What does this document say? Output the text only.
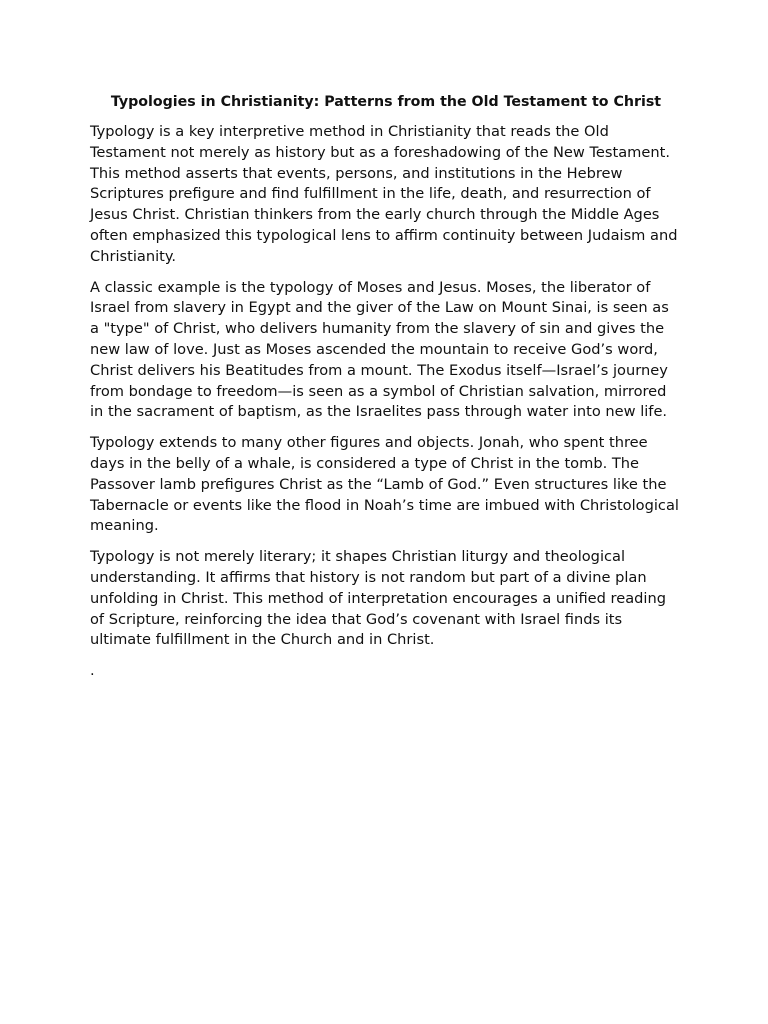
Typologies in Christianity: Patterns from the Old Testament to Christ

Typology is a key interpretive method in Christianity that reads the Old Testament not merely as history but as a foreshadowing of the New Testament. This method asserts that events, persons, and institutions in the Hebrew Scriptures prefigure and find fulfillment in the life, death, and resurrection of Jesus Christ. Christian thinkers from the early church through the Middle Ages often emphasized this typological lens to affirm continuity between Judaism and Christianity.

A classic example is the typology of Moses and Jesus. Moses, the liberator of Israel from slavery in Egypt and the giver of the Law on Mount Sinai, is seen as a "type" of Christ, who delivers humanity from the slavery of sin and gives the new law of love. Just as Moses ascended the mountain to receive God’s word, Christ delivers his Beatitudes from a mount. The Exodus itself—Israel’s journey from bondage to freedom—is seen as a symbol of Christian salvation, mirrored in the sacrament of baptism, as the Israelites pass through water into new life.

Typology extends to many other figures and objects. Jonah, who spent three days in the belly of a whale, is considered a type of Christ in the tomb. The Passover lamb prefigures Christ as the “Lamb of God.” Even structures like the Tabernacle or events like the flood in Noah’s time are imbued with Christological meaning.

Typology is not merely literary; it shapes Christian liturgy and theological understanding. It affirms that history is not random but part of a divine plan unfolding in Christ. This method of interpretation encourages a unified reading of Scripture, reinforcing the idea that God’s covenant with Israel finds its ultimate fulfillment in the Church and in Christ.

.
